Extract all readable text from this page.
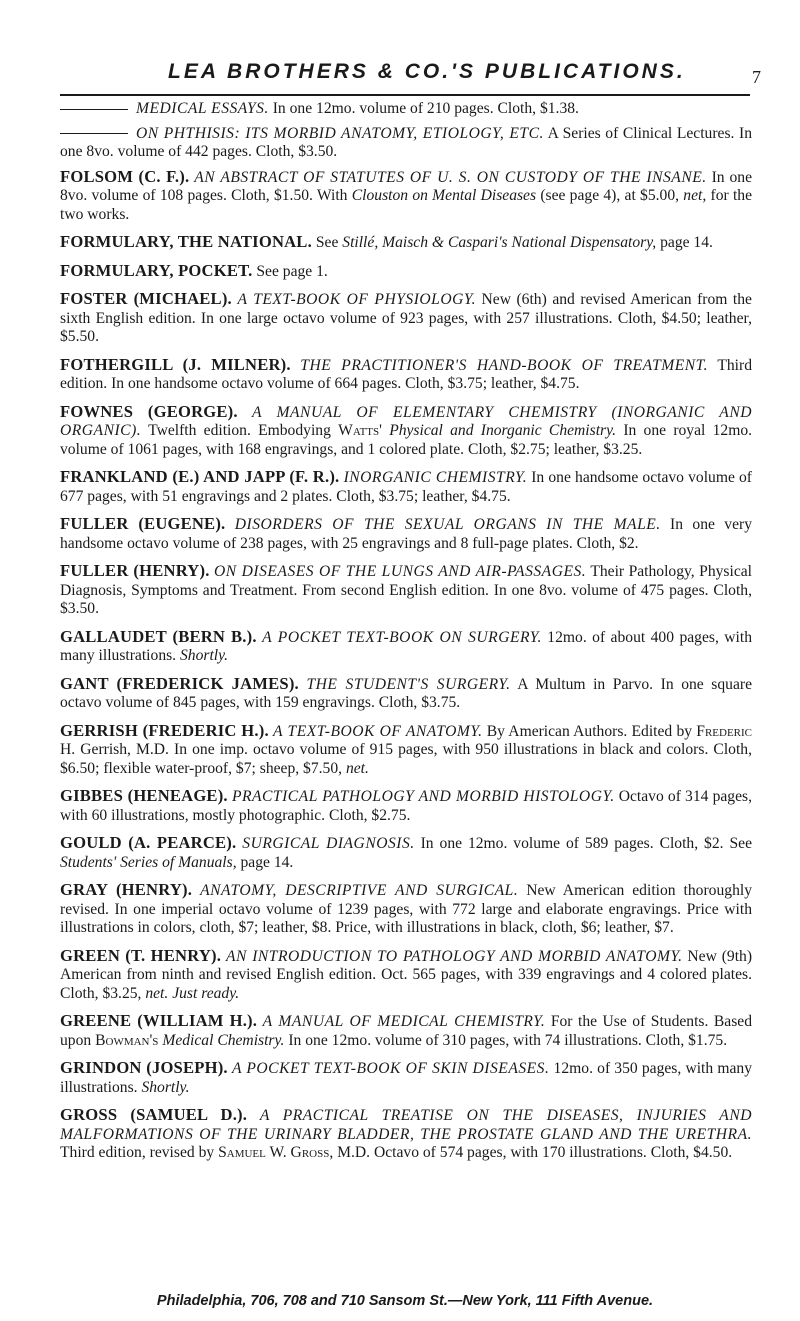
LEA BROTHERS & CO.'S PUBLICATIONS.	7
MEDICAL ESSAYS. In one 12mo. volume of 210 pages. Cloth, $1.38.
ON PHTHISIS: ITS MORBID ANATOMY, ETIOLOGY, ETC. A Series of Clinical Lectures. In one 8vo. volume of 442 pages. Cloth, $3.50.
FOLSOM (C. F.). AN ABSTRACT OF STATUTES OF U. S. ON CUSTODY OF THE INSANE. In one 8vo. volume of 108 pages. Cloth, $1.50. With Clouston on Mental Diseases (see page 4), at $5.00, net, for the two works.
FORMULARY, THE NATIONAL. See Stillé, Maisch & Caspari's National Dispensatory, page 14.
FORMULARY, POCKET. See page 1.
FOSTER (MICHAEL). A TEXT-BOOK OF PHYSIOLOGY. New (6th) and revised American from the sixth English edition. In one large octavo volume of 923 pages, with 257 illustrations. Cloth, $4.50; leather, $5.50.
FOTHERGILL (J. MILNER). THE PRACTITIONER'S HAND-BOOK OF TREATMENT. Third edition. In one handsome octavo volume of 664 pages. Cloth, $3.75; leather, $4.75.
FOWNES (GEORGE). A MANUAL OF ELEMENTARY CHEMISTRY (INORGANIC AND ORGANIC). Twelfth edition. Embodying Watts' Physical and Inorganic Chemistry. In one royal 12mo. volume of 1061 pages, with 168 engravings, and 1 colored plate. Cloth, $2.75; leather, $3.25.
FRANKLAND (E.) AND JAPP (F. R.). INORGANIC CHEMISTRY. In one handsome octavo volume of 677 pages, with 51 engravings and 2 plates. Cloth, $3.75; leather, $4.75.
FULLER (EUGENE). DISORDERS OF THE SEXUAL ORGANS IN THE MALE. In one very handsome octavo volume of 238 pages, with 25 engravings and 8 full-page plates. Cloth, $2.
FULLER (HENRY). ON DISEASES OF THE LUNGS AND AIR-PASSAGES. Their Pathology, Physical Diagnosis, Symptoms and Treatment. From second English edition. In one 8vo. volume of 475 pages. Cloth, $3.50.
GALLAUDET (BERN B.). A POCKET TEXT-BOOK ON SURGERY. 12mo. of about 400 pages, with many illustrations. Shortly.
GANT (FREDERICK JAMES). THE STUDENT'S SURGERY. A Multum in Parvo. In one square octavo volume of 845 pages, with 159 engravings. Cloth, $3.75.
GERRISH (FREDERIC H.). A TEXT-BOOK OF ANATOMY. By American Authors. Edited by Frederic H. Gerrish, M.D. In one imp. octavo volume of 915 pages, with 950 illustrations in black and colors. Cloth, $6.50; flexible water-proof, $7; sheep, $7.50, net.
GIBBES (HENEAGE). PRACTICAL PATHOLOGY AND MORBID HISTOLOGY. Octavo of 314 pages, with 60 illustrations, mostly photographic. Cloth, $2.75.
GOULD (A. PEARCE). SURGICAL DIAGNOSIS. In one 12mo. volume of 589 pages. Cloth, $2. See Students' Series of Manuals, page 14.
GRAY (HENRY). ANATOMY, DESCRIPTIVE AND SURGICAL. New American edition thoroughly revised. In one imperial octavo volume of 1239 pages, with 772 large and elaborate engravings. Price with illustrations in colors, cloth, $7; leather, $8. Price, with illustrations in black, cloth, $6; leather, $7.
GREEN (T. HENRY). AN INTRODUCTION TO PATHOLOGY AND MORBID ANATOMY. New (9th) American from ninth and revised English edition. Oct. 565 pages, with 339 engravings and 4 colored plates. Cloth, $3.25, net. Just ready.
GREENE (WILLIAM H.). A MANUAL OF MEDICAL CHEMISTRY. For the Use of Students. Based upon Bowman's Medical Chemistry. In one 12mo. volume of 310 pages, with 74 illustrations. Cloth, $1.75.
GRINDON (JOSEPH). A POCKET TEXT-BOOK OF SKIN DISEASES. 12mo. of 350 pages, with many illustrations. Shortly.
GROSS (SAMUEL D.). A PRACTICAL TREATISE ON THE DISEASES, INJURIES AND MALFORMATIONS OF THE URINARY BLADDER, THE PROSTATE GLAND AND THE URETHRA. Third edition, revised by Samuel W. Gross, M.D. Octavo of 574 pages, with 170 illustrations. Cloth, $4.50.
Philadelphia, 706, 708 and 710 Sansom St.—New York, 111 Fifth Avenue.
